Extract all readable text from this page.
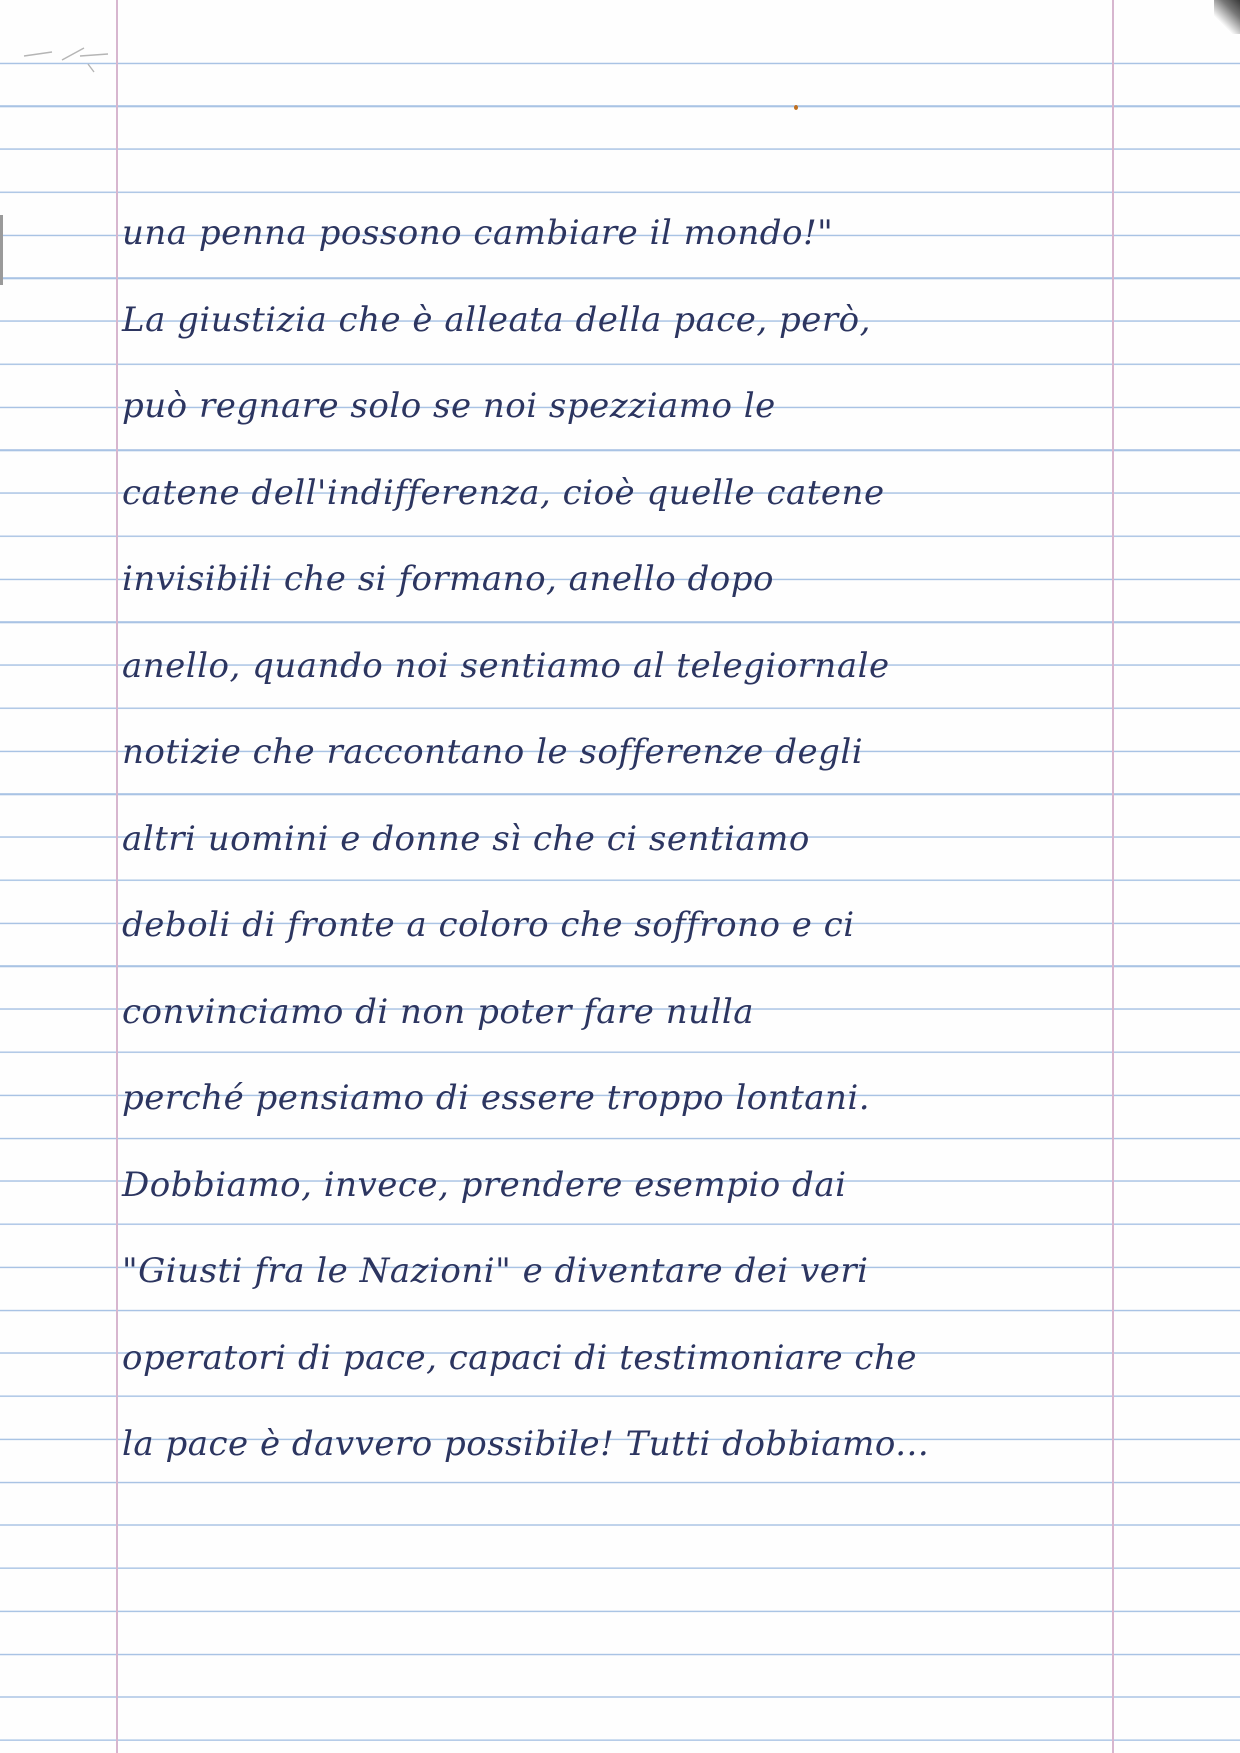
una penna possono cambiare il mondo!"
La giustizia che è alleata della pace, però,
può regnare solo se noi spezziamo le
catene dell'indifferenza, cioè quelle catene
invisibili che si formano, anello dopo
anello, quando noi sentiamo al telegiornale
notizie che raccontano le sofferenze degli
altri uomini e donne sì che ci sentiamo
deboli di fronte a coloro che soffrono e ci
convinciamo di non poter fare nulla
perché pensiamo di essere troppo lontani.
Dobbiamo, invece, prendere esempio dai
"Giusti fra le Nazioni" e diventare dei veri
operatori di pace, capaci di testimoniare che
la pace è davvero possibile! Tutti dobbiamo...
